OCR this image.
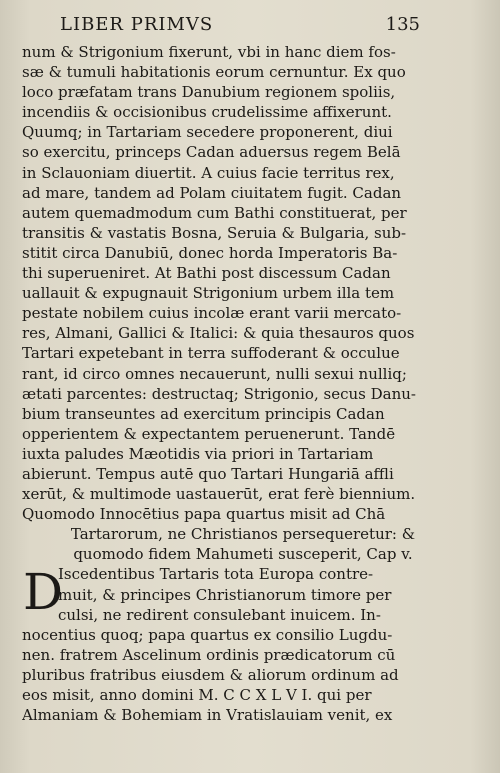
LIBER PRIMVS	135
num & Strigonium fixerunt, vbi in hanc diem fos‑
sæ & tumuli habitationis eorum cernuntur. Ex quo
loco præfatam trans Danubium regionem spoliis,
incendiis & occisionibus crudelissime affixerunt.
Quumq; in Tartariam secedere proponerent, diui
so exercitu, princeps Cadan aduersus regem Belā
in Sclauoniam diuertit. A cuius facie territus rex,
ad mare, tandem ad Polam ciuitatem fugit. Cadan
autem quemadmodum cum Bathi constituerat, per
transitis & vastatis Bosna, Seruia & Bulgaria, sub‑
stitit circa Danubiū, donec horda Imperatoris Ba‑
thi superueniret. At Bathi post discessum Cadan
uallauit & expugnauit Strigonium urbem illa tem
pestate nobilem cuius incolæ erant varii mercato‑
res, Almani, Gallici & Italici: & quia thesauros quos
Tartari expetebant in terra suffoderant & occulue
rant, id circo omnes necauerunt, nulli sexui nulliq;
ætati parcentes: destructaq; Strigonio, secus Danu‑
bium transeuntes ad exercitum principis Cadan
opperientem & expectantem peruenerunt. Tandē
iuxta paludes Mæotidis via priori in Tartariam
abierunt. Tempus autē quo Tartari Hungariā affli
xerūt, & multimode uastauerūt, erat ferè biennium.
Quomodo Innocētius papa quartus misit ad Chā
Tartarorum, ne Christianos persequeretur: &
quomodo fidem Mahumeti susceperit, Cap v.
D
Iscedentibus Tartaris tota Europa contre‑
muit, & principes Christianorum timore per
culsi, ne redirent consulebant inuicem. In‑
nocentius quoq; papa quartus ex consilio Lugdu‑
nen. fratrem Ascelinum ordinis prædicatorum cū
pluribus fratribus eiusdem & aliorum ordinum ad
eos misit, anno domini M. C C X L V I. qui per
Almaniam & Bohemiam in Vratislauiam venit, ex
